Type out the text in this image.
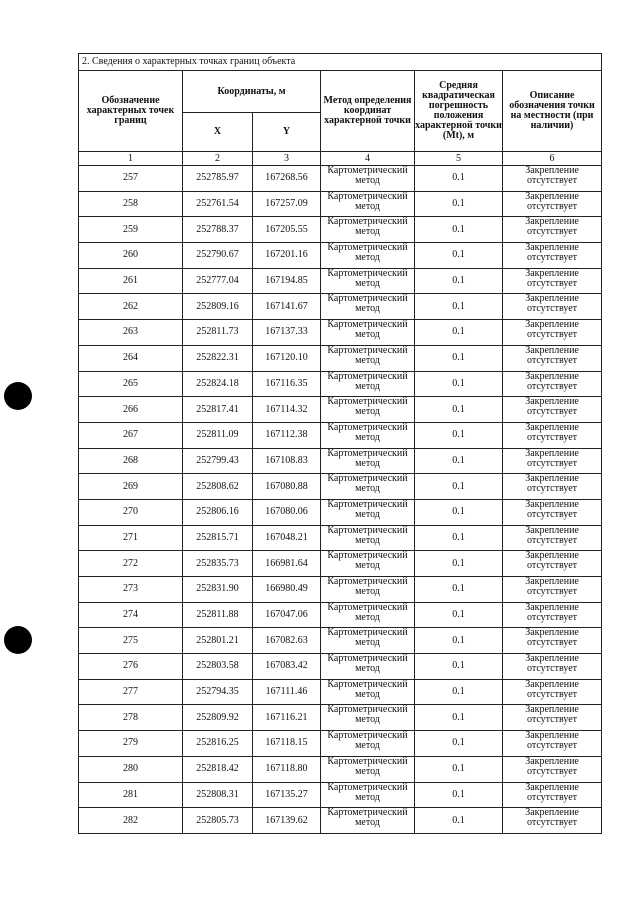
2. Сведения о характерных точках границ объекта					
Обозначение характерных точек границ	Координаты, м		Метод определения координат характерной точки	Средняя квадратическая погрешность положения характерной точки (Mt), м	Описание обозначения точки на местности (при наличии)
	X	Y			
1	2	3	4	5	6
257	252785.97	167268.56	Картометрический метод	0.1	Закрепление отсутствует
258	252761.54	167257.09	Картометрический метод	0.1	Закрепление отсутствует
259	252788.37	167205.55	Картометрический метод	0.1	Закрепление отсутствует
260	252790.67	167201.16	Картометрический метод	0.1	Закрепление отсутствует
261	252777.04	167194.85	Картометрический метод	0.1	Закрепление отсутствует
262	252809.16	167141.67	Картометрический метод	0.1	Закрепление отсутствует
263	252811.73	167137.33	Картометрический метод	0.1	Закрепление отсутствует
264	252822.31	167120.10	Картометрический метод	0.1	Закрепление отсутствует
265	252824.18	167116.35	Картометрический метод	0.1	Закрепление отсутствует
266	252817.41	167114.32	Картометрический метод	0.1	Закрепление отсутствует
267	252811.09	167112.38	Картометрический метод	0.1	Закрепление отсутствует
268	252799.43	167108.83	Картометрический метод	0.1	Закрепление отсутствует
269	252808.62	167080.88	Картометрический метод	0.1	Закрепление отсутствует
270	252806.16	167080.06	Картометрический метод	0.1	Закрепление отсутствует
271	252815.71	167048.21	Картометрический метод	0.1	Закрепление отсутствует
272	252835.73	166981.64	Картометрический метод	0.1	Закрепление отсутствует
273	252831.90	166980.49	Картометрический метод	0.1	Закрепление отсутствует
274	252811.88	167047.06	Картометрический метод	0.1	Закрепление отсутствует
275	252801.21	167082.63	Картометрический метод	0.1	Закрепление отсутствует
276	252803.58	167083.42	Картометрический метод	0.1	Закрепление отсутствует
277	252794.35	167111.46	Картометрический метод	0.1	Закрепление отсутствует
278	252809.92	167116.21	Картометрический метод	0.1	Закрепление отсутствует
279	252816.25	167118.15	Картометрический метод	0.1	Закрепление отсутствует
280	252818.42	167118.80	Картометрический метод	0.1	Закрепление отсутствует
281	252808.31	167135.27	Картометрический метод	0.1	Закрепление отсутствует
282	252805.73	167139.62	Картометрический метод	0.1	Закрепление отсутствует
